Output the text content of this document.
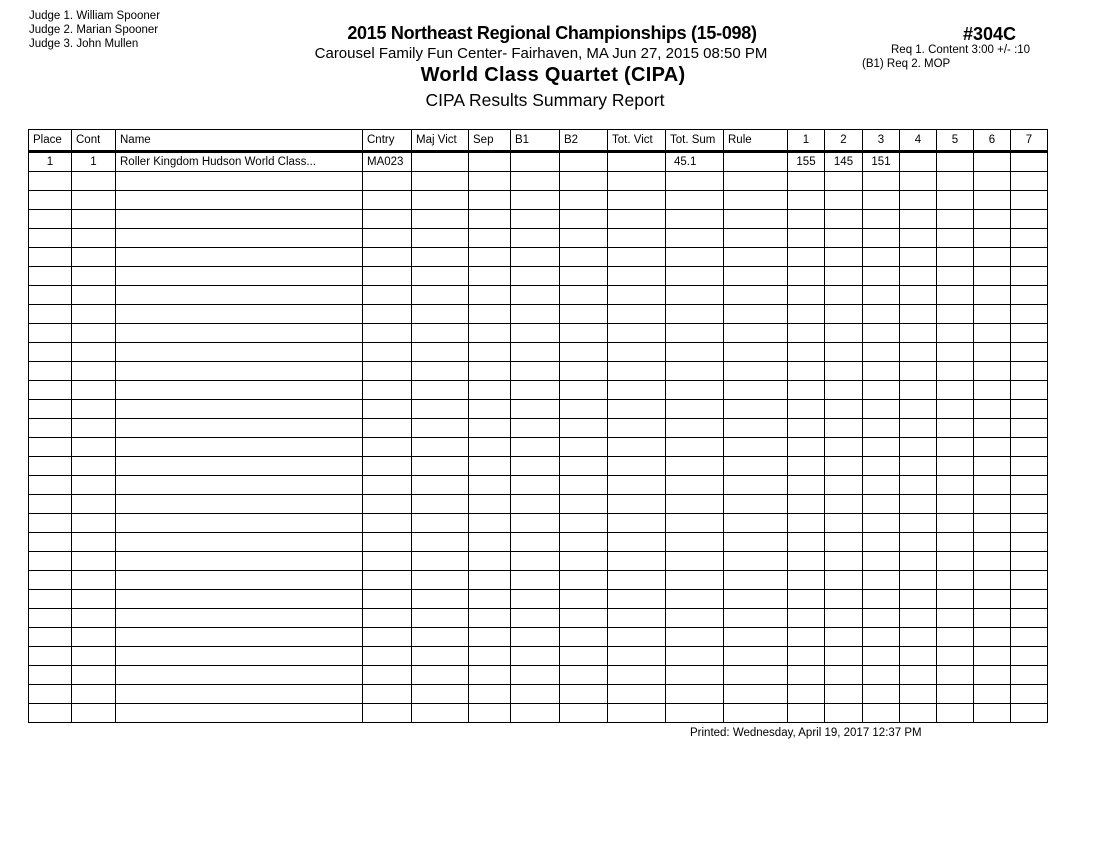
Judge 1. William Spooner
Judge 2. Marian Spooner
Judge 3. John Mullen
2015 Northeast Regional Championships (15-098)
Carousel Family Fun Center- Fairhaven, MA Jun 27, 2015 08:50 PM
World Class Quartet (CIPA)
CIPA Results Summary Report
#304C
Req 1. Content 3:00 +/- :10
(B1) Req 2. MOP
Place	Cont	Name	Cntry	Maj Vict	Sep	B1	B2	Tot. Vict	Tot. Sum	Rule	1	2	3	4	5	6	7
1	1	Roller Kingdom Hudson World Class...	MA023						45.1		155	145	151				

Printed: Wednesday, April 19, 2017 12:37 PM
